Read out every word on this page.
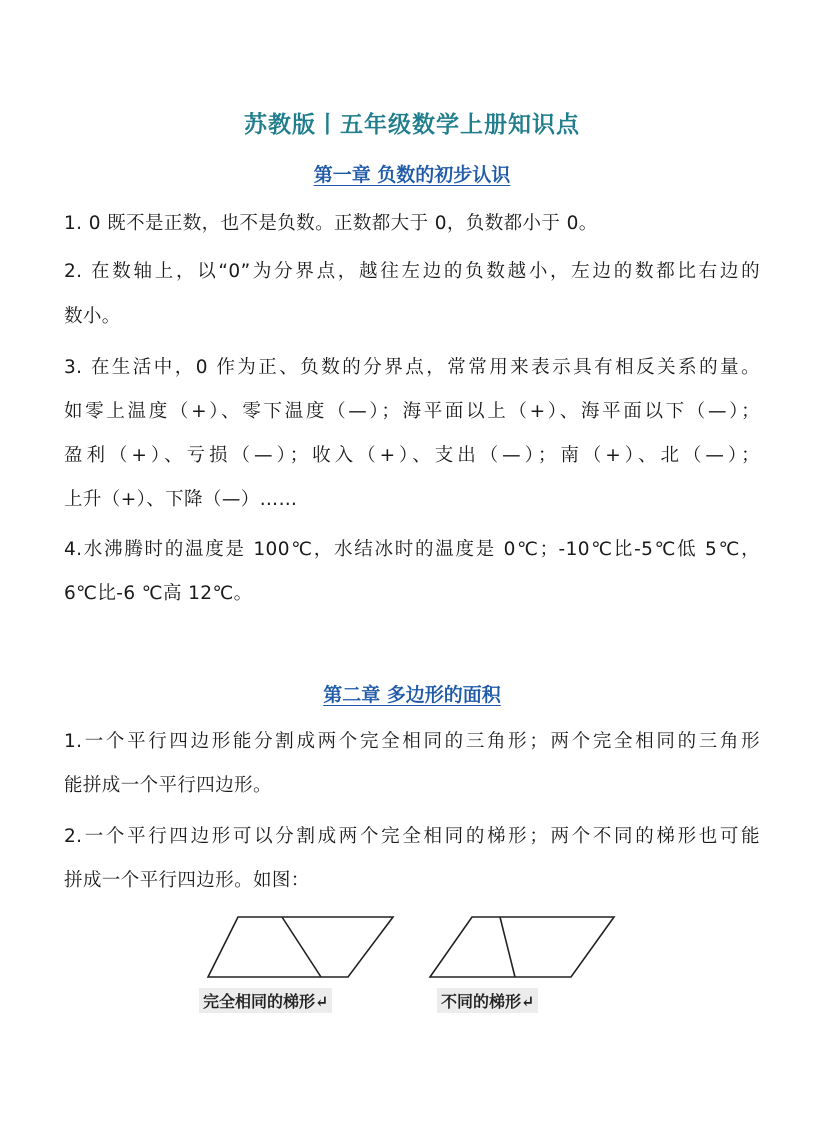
苏教版丨五年级数学上册知识点
第一章 负数的初步认识

1. 0 既不是正数，也不是负数。正数都大于 0，负数都小于 0。

2. 在数轴上，以“0”为分界点，越往左边的负数越小，左边的数都比右边的

数小。

3. 在生活中，0 作为正、负数的分界点，常常用来表示具有相反关系的量。

如零上温度（+）、零下温度（—）；海平面以上（+）、海平面以下（—）；

盈利（+）、亏损（—）；收入（+）、支出（—）；南（+）、北（—）；

上升（+）、下降（—）……

4.水沸腾时的温度是 100℃，水结冰时的温度是 0℃；-10℃比-5℃低 5℃，

6℃比-6 ℃高 12℃。

第二章 多边形的面积

1.一个平行四边形能分割成两个完全相同的三角形；两个完全相同的三角形

能拼成一个平行四边形。

2.一个平行四边形可以分割成两个完全相同的梯形；两个不同的梯形也可能

拼成一个平行四边形。如图：

完全相同的梯形↵	不同的梯形↵
